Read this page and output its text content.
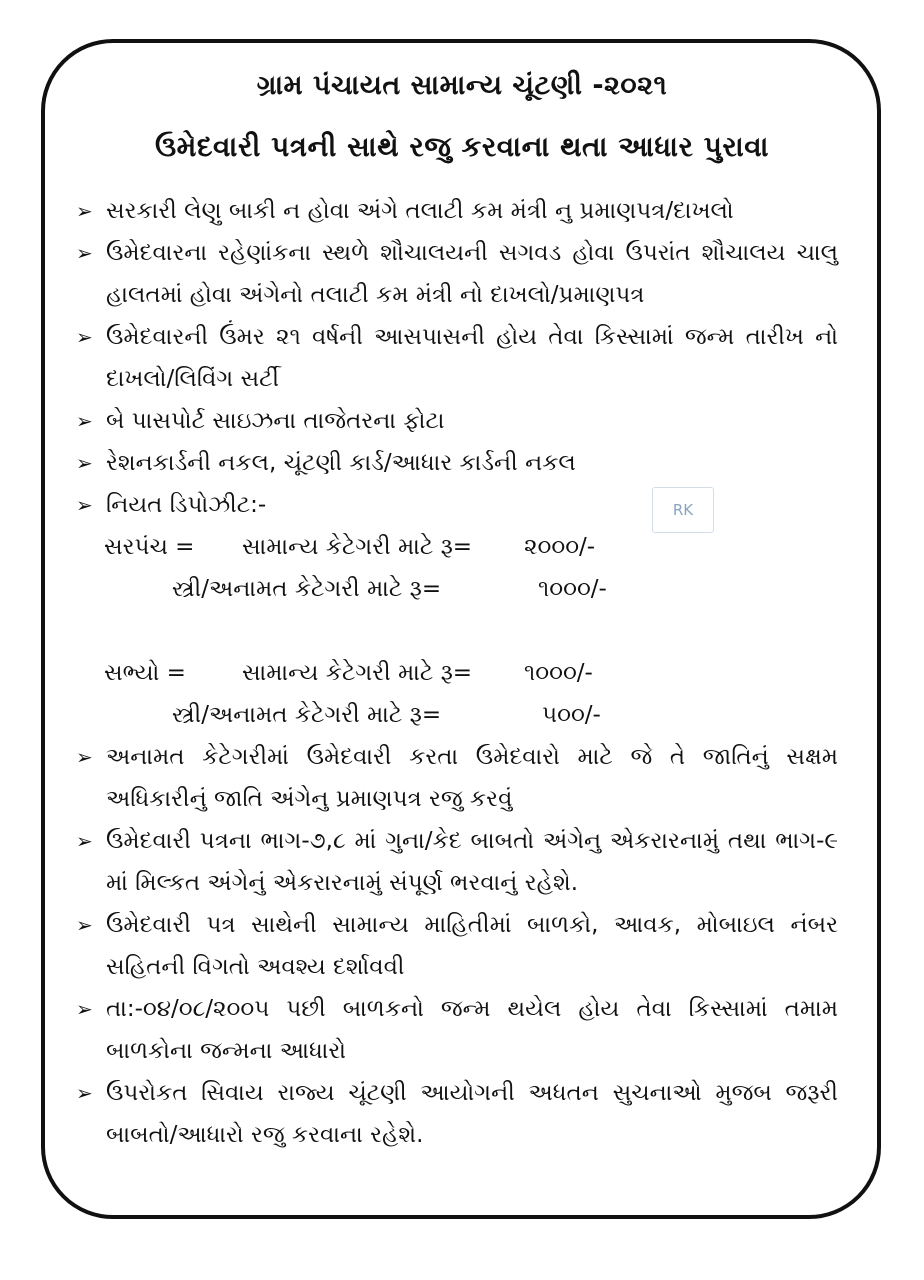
ગ્રામ પંચાયત સામાન્ય ચૂંટણી -૨૦૨૧
ઉમેદવારી પત્રની સાથે રજુ કરવાના થતા આધાર પુરાવા
➢ સરકારી લેણુ બાકી ન હોવા અંગે તલાટી કમ મંત્રી નુ પ્રમાણપત્ર/દાખલો
➢ ઉમેદવારના રહેણાંકના સ્થળે શૌચાલયની સગવડ હોવા ઉપરાંત શૌચાલય ચાલુ હાલતમાં હોવા અંગેનો તલાટી કમ મંત્રી નો દાખલો/પ્રમાણપત્ર
➢ ઉમેદવારની ઉંમર ૨૧ વર્ષની આસપાસની હોય તેવા કિસ્સામાં જન્મ તારીખ નો દાખલો/લિવિંગ સર્ટી
➢ બે પાસપોર્ટ સાઇઝના તાજેતરના ફોટા
➢ રેશનકાર્ડની નકલ, ચૂંટણી કાર્ડ/આધાર કાર્ડની નકલ
➢ નિયત ડિપોઝીટ:-
સરપંચ = સામાન્ય કેટેગરી માટે રૂ= ૨૦૦૦/-
સ્ત્રી/અનામત કેટેગરી માટે રૂ=	૧૦૦૦/-
સભ્યો = સામાન્ય કેટેગરી માટે રૂ= ૧૦૦૦/-
સ્ત્રી/અનામત કેટેગરી માટે રૂ=	૫૦૦/-
➢ અનામત કેટેગરીમાં ઉમેદવારી કરતા ઉમેદવારો માટે જે તે જાતિનું સક્ષમ અધિકારીનું જાતિ અંગેનુ પ્રમાણપત્ર રજુ કરવું
➢ ઉમેદવારી પત્રના ભાગ-૭,૮ માં ગુના/કેદ બાબતો અંગેનુ એકરારનામું તથા ભાગ-૯ માં મિલ્કત અંગેનું એકરારનામું સંપૂર્ણ ભરવાનું રહેશે.
➢ ઉમેદવારી પત્ર સાથેની સામાન્ય માહિતીમાં બાળકો, આવક, મોબાઇલ નંબર સહિતની વિગતો અવશ્ય દર્શાવવી
➢ તા:-૦૪/૦૮/૨૦૦૫ પછી બાળકનો જન્મ થયેલ હોય તેવા કિસ્સામાં તમામ બાળકોના જન્મના આધારો
➢ ઉપરોકત સિવાય રાજ્ય ચૂંટણી આયોગની અધતન સુચનાઓ મુજબ જરૂરી બાબતો/આધારો રજુ કરવાના રહેશે.
RK
